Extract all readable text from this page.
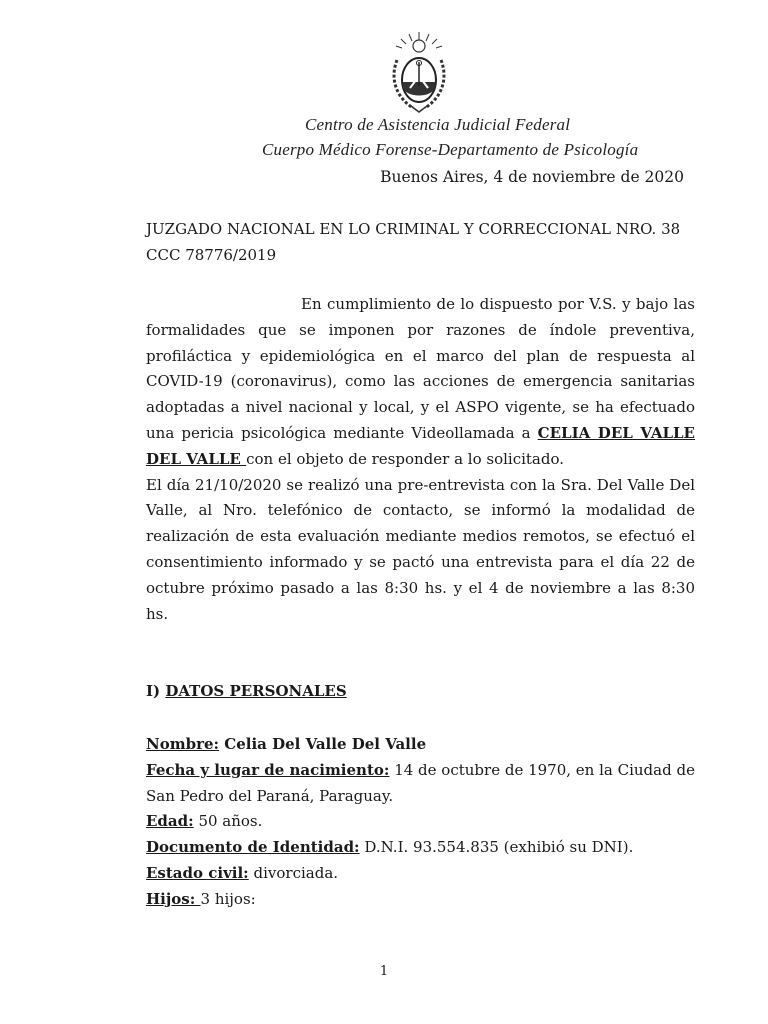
Centro de Asistencia Judicial Federal
Cuerpo Médico Forense-Departamento de Psicología
Buenos Aires, 4 de noviembre de 2020
JUZGADO NACIONAL EN LO CRIMINAL Y CORRECCIONAL NRO. 38
CCC 78776/2019

En cumplimiento de lo dispuesto por V.S. y bajo las formalidades que se imponen por razones de índole preventiva, profiláctica y epidemiológica en el marco del plan de respuesta al COVID-19 (coronavirus), como las acciones de emergencia sanitarias adoptadas a nivel nacional y local, y el ASPO vigente, se ha efectuado una pericia psicológica mediante Videollamada a CELIA DEL VALLE DEL VALLE con el objeto de responder a lo solicitado.

El día 21/10/2020 se realizó una pre-entrevista con la Sra. Del Valle Del Valle, al Nro. telefónico de contacto, se informó la modalidad de realización de esta evaluación mediante medios remotos, se efectuó el consentimiento informado y se pactó una entrevista para el día 22 de octubre próximo pasado a las 8:30 hs. y el 4 de noviembre a las 8:30 hs.

I) DATOS PERSONALES

Nombre: Celia Del Valle Del Valle

Fecha y lugar de nacimiento: 14 de octubre de 1970, en la Ciudad de San Pedro del Paraná, Paraguay.

Edad: 50 años.

Documento de Identidad: D.N.I. 93.554.835 (exhibió su DNI).

Estado civil: divorciada.

Hijos: 3 hijos:

1
